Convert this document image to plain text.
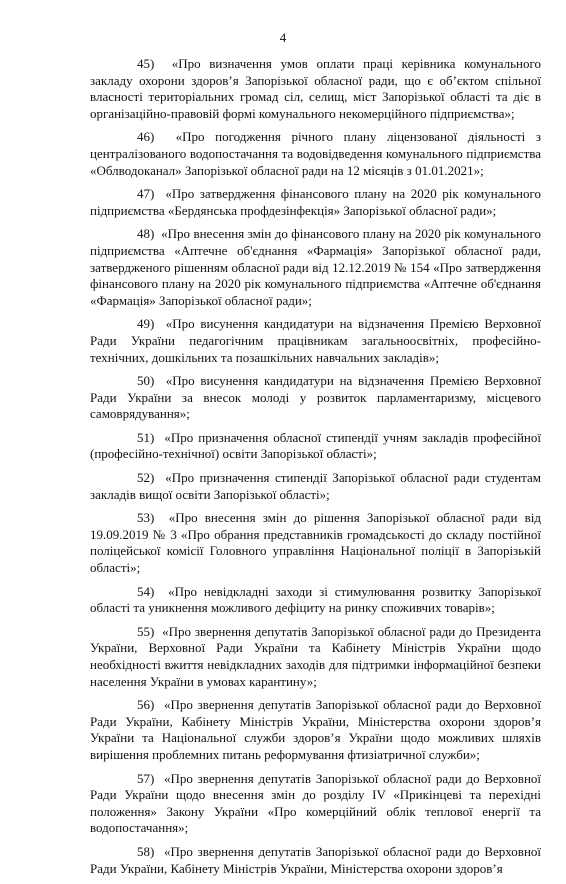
4

45) «Про визначення умов оплати праці керівника комунального закладу охорони здоров’я Запорізької обласної ради, що є об’єктом спільної власності територіальних громад сіл, селищ, міст Запорізької області та діє в організаційно-правовій формі комунального некомерційного підприємства»;

46) «Про погодження річного плану ліцензованої діяльності з централізованого водопостачання та водовідведення комунального підприємства «Облводоканал» Запорізької обласної ради на 12 місяців з 01.01.2021»;

47) «Про затвердження фінансового плану на 2020 рік комунального підприємства «Бердянська профдезінфекція» Запорізької обласної ради»;

48) «Про внесення змін до фінансового плану на 2020 рік комунального підприємства «Аптечне об'єднання «Фармація» Запорізької обласної ради, затвердженого рішенням обласної ради від 12.12.2019 № 154 «Про затвердження фінансового плану на 2020 рік комунального підприємства «Аптечне об'єднання «Фармація» Запорізької обласної ради»;

49) «Про висунення кандидатури на відзначення Премією Верховної Ради України педагогічним працівникам загальноосвітніх, професійно-технічних, дошкільних та позашкільних навчальних закладів»;

50) «Про висунення кандидатури на відзначення Премією Верховної Ради України за внесок молоді у розвиток парламентаризму, місцевого самоврядування»;

51) «Про призначення обласної стипендії учням закладів професійної (професійно-технічної) освіти Запорізької області»;

52) «Про призначення стипендії Запорізької обласної ради студентам закладів вищої освіти Запорізької області»;

53) «Про внесення змін до рішення Запорізької обласної ради від 19.09.2019 № 3 «Про обрання представників громадськості до складу постійної поліцейської комісії Головного управління Національної поліції в Запорізькій області»;

54) «Про невідкладні заходи зі стимулювання розвитку Запорізької області та уникнення можливого дефіциту на ринку споживчих товарів»;

55) «Про звернення депутатів Запорізької обласної ради до Президента України, Верховної Ради України та Кабінету Міністрів України щодо необхідності вжиття невідкладних заходів для підтримки інформаційної безпеки населення України в умовах карантину»;

56) «Про звернення депутатів Запорізької обласної ради до Верховної Ради України, Кабінету Міністрів України, Міністерства охорони здоров’я України та Національної служби здоров’я України щодо можливих шляхів вирішення проблемних питань реформування фтизіатричної служби»;

57) «Про звернення депутатів Запорізької обласної ради до Верховної Ради України щодо внесення змін до розділу IV «Прикінцеві та перехідні положення» Закону України «Про комерційний облік теплової енергії та водопостачання»;

58) «Про звернення депутатів Запорізької обласної ради до Верховної Ради України, Кабінету Міністрів України, Міністерства охорони здоров’я
